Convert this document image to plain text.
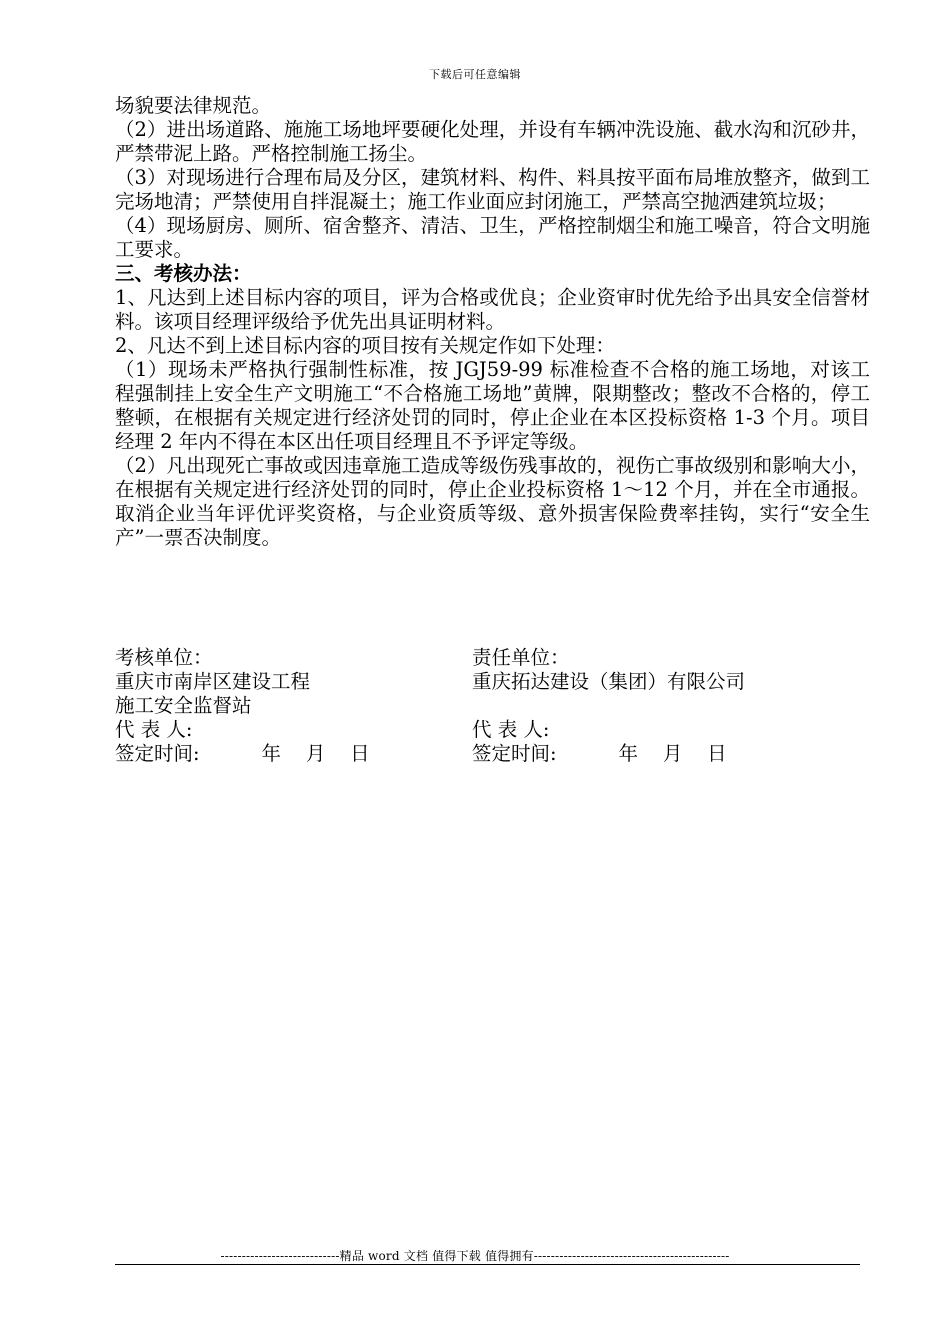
下载后可任意编辑

场貌要法律规范。

（2）进出场道路、施施工场地坪要硬化处理，并设有车辆冲洗设施、截水沟和沉砂井，严禁带泥上路。严格控制施工扬尘。

（3）对现场进行合理布局及分区，建筑材料、构件、料具按平面布局堆放整齐，做到工完场地清；严禁使用自拌混凝土；施工作业面应封闭施工，严禁高空抛洒建筑垃圾；

（4）现场厨房、厕所、宿舍整齐、清洁、卫生，严格控制烟尘和施工噪音，符合文明施工要求。

三、考核办法：

1、凡达到上述目标内容的项目，评为合格或优良；企业资审时优先给予出具安全信誉材料。该项目经理评级给予优先出具证明材料。

2、凡达不到上述目标内容的项目按有关规定作如下处理：

（1）现场未严格执行强制性标准，按 JGJ59-99 标准检查不合格的施工场地，对该工程强制挂上安全生产文明施工“不合格施工场地”黄牌，限期整改；整改不合格的，停工整顿，在根据有关规定进行经济处罚的同时，停止企业在本区投标资格 1-3 个月。项目经理 2 年内不得在本区出任项目经理且不予评定等级。

（2）凡出现死亡事故或因违章施工造成等级伤残事故的，视伤亡事故级别和影响大小，在根据有关规定进行经济处罚的同时，停止企业投标资格 1～12 个月，并在全市通报。取消企业当年评优评奖资格，与企业资质等级、意外损害保险费率挂钩，实行“安全生产”一票否决制度。

考核单位：
重庆市南岸区建设工程
施工安全监督站
代 表 人:
签定时间:          年    月    日
责任单位：
重庆拓达建设（集团）有限公司

代 表 人:
签定时间:          年    月    日
----------------------------精品 word 文档 值得下载 值得拥有----------------------------------------------
